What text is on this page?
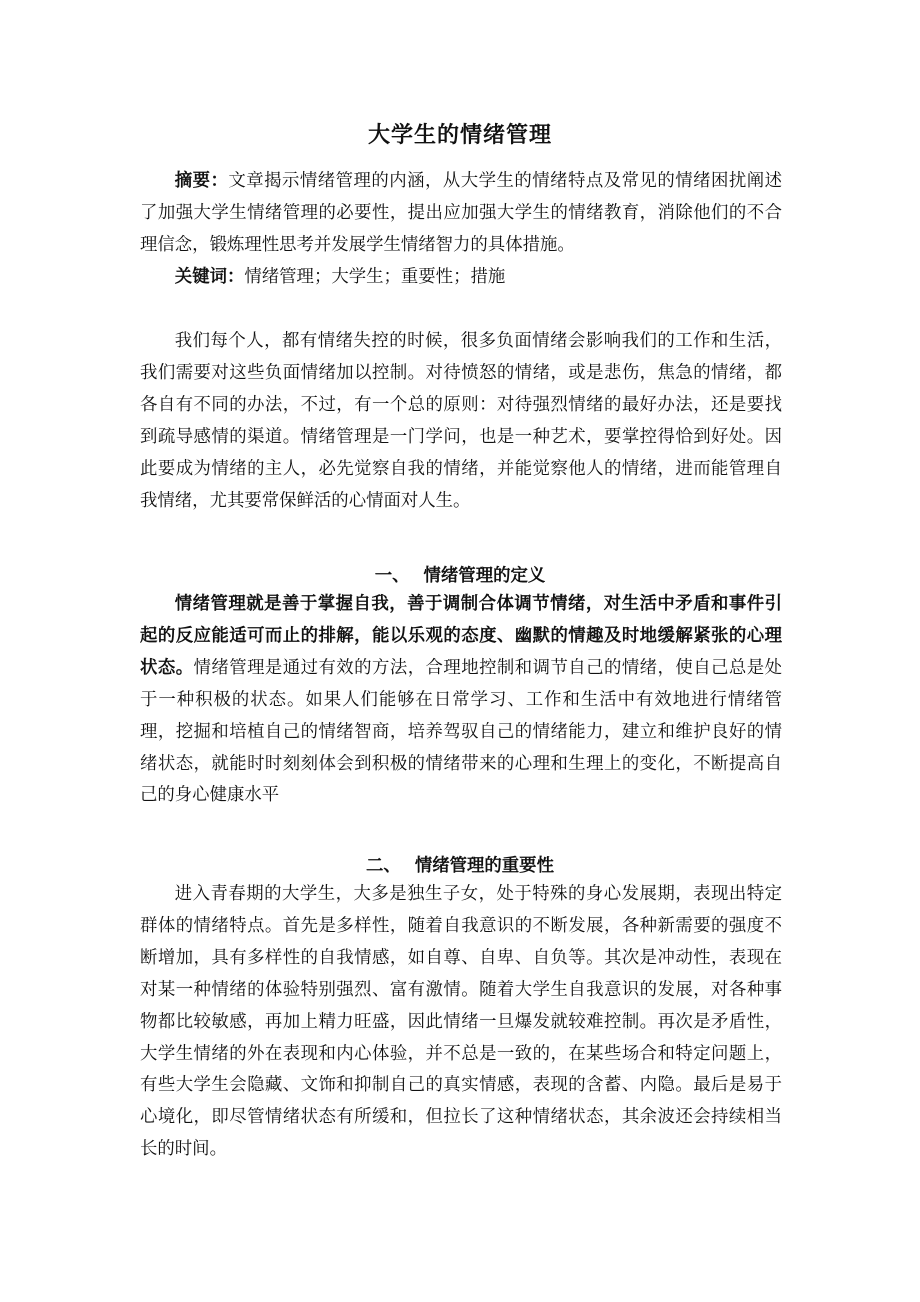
大学生的情绪管理
摘要：文章揭示情绪管理的内涵，从大学生的情绪特点及常见的情绪困扰阐述了加强大学生情绪管理的必要性，提出应加强大学生的情绪教育，消除他们的不合理信念，锻炼理性思考并发展学生情绪智力的具体措施。
关键词：情绪管理；大学生；重要性；措施
我们每个人，都有情绪失控的时候，很多负面情绪会影响我们的工作和生活，我们需要对这些负面情绪加以控制。对待愤怒的情绪，或是悲伤，焦急的情绪，都各自有不同的办法，不过，有一个总的原则：对待强烈情绪的最好办法，还是要找到疏导感情的渠道。情绪管理是一门学问，也是一种艺术，要掌控得恰到好处。因此要成为情绪的主人，必先觉察自我的情绪，并能觉察他人的情绪，进而能管理自我情绪，尤其要常保鲜活的心情面对人生。
一、 情绪管理的定义
情绪管理就是善于掌握自我，善于调制合体调节情绪，对生活中矛盾和事件引起的反应能适可而止的排解，能以乐观的态度、幽默的情趣及时地缓解紧张的心理状态。情绪管理是通过有效的方法，合理地控制和调节自己的情绪，使自己总是处于一种积极的状态。如果人们能够在日常学习、工作和生活中有效地进行情绪管理，挖掘和培植自己的情绪智商，培养驾驭自己的情绪能力，建立和维护良好的情绪状态，就能时时刻刻体会到积极的情绪带来的心理和生理上的变化，不断提高自己的身心健康水平
二、 情绪管理的重要性
进入青春期的大学生，大多是独生子女，处于特殊的身心发展期，表现出特定群体的情绪特点。首先是多样性，随着自我意识的不断发展，各种新需要的强度不断增加，具有多样性的自我情感，如自尊、自卑、自负等。其次是冲动性，表现在对某一种情绪的体验特别强烈、富有激情。随着大学生自我意识的发展，对各种事物都比较敏感，再加上精力旺盛，因此情绪一旦爆发就较难控制。再次是矛盾性，大学生情绪的外在表现和内心体验，并不总是一致的，在某些场合和特定问题上，有些大学生会隐藏、文饰和抑制自己的真实情感，表现的含蓄、内隐。最后是易于心境化，即尽管情绪状态有所缓和，但拉长了这种情绪状态，其余波还会持续相当长的时间。
